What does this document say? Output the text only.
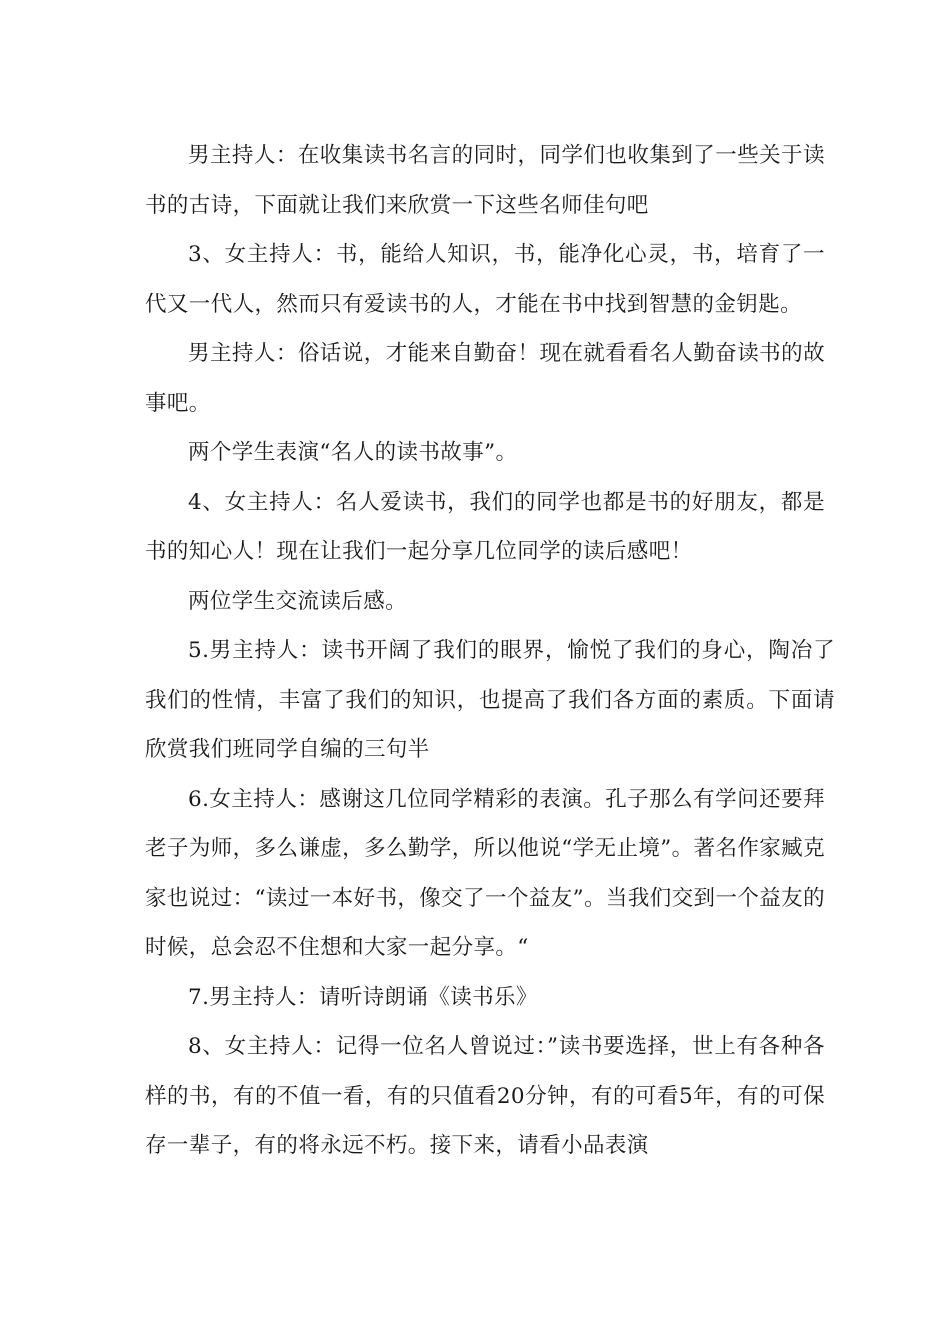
男主持人：在收集读书名言的同时，同学们也收集到了一些关于读书的古诗，下面就让我们来欣赏一下这些名师佳句吧

3、女主持人：书，能给人知识，书，能净化心灵，书，培育了一代又一代人，然而只有爱读书的人，才能在书中找到智慧的金钥匙。

男主持人：俗话说，才能来自勤奋！现在就看看名人勤奋读书的故事吧。

两个学生表演“名人的读书故事”。

4、女主持人：名人爱读书，我们的同学也都是书的好朋友，都是书的知心人！现在让我们一起分享几位同学的读后感吧！

两位学生交流读后感。

5.男主持人：读书开阔了我们的眼界，愉悦了我们的身心，陶冶了我们的性情，丰富了我们的知识，也提高了我们各方面的素质。下面请欣赏我们班同学自编的三句半

6.女主持人：感谢这几位同学精彩的表演。孔子那么有学问还要拜老子为师，多么谦虚，多么勤学，所以他说“学无止境”。著名作家臧克家也说过：“读过一本好书，像交了一个益友”。当我们交到一个益友的时候，总会忍不住想和大家一起分享。“

7.男主持人：请听诗朗诵《读书乐》

8、女主持人：记得一位名人曾说过：”读书要选择，世上有各种各样的书，有的不值一看，有的只值看20分钟，有的可看5年，有的可保存一辈子，有的将永远不朽。接下来，请看小品表演
